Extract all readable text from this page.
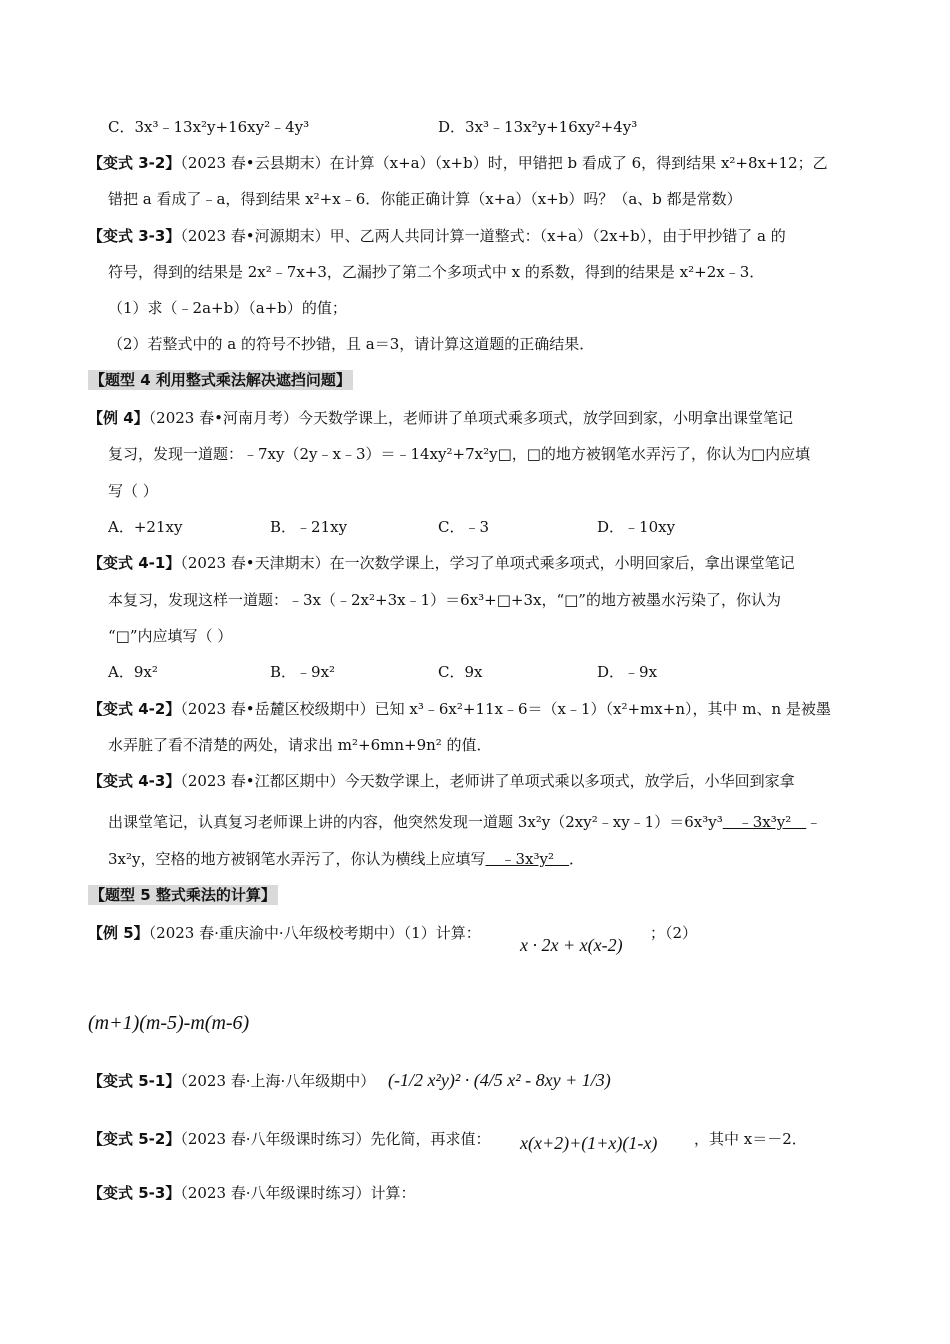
C．3x³﹣13x²y+16xy²﹣4y³	D．3x³﹣13x²y+16xy²+4y³
【变式 3-2】（2023 春•云县期末）在计算（x+a）（x+b）时，甲错把 b 看成了 6，得到结果 x²+8x+12；乙
错把 a 看成了﹣a，得到结果 x²+x﹣6．你能正确计算（x+a）（x+b）吗？（a、b 都是常数）
【变式 3-3】（2023 春•河源期末）甲、乙两人共同计算一道整式：（x+a）（2x+b），由于甲抄错了 a 的
符号，得到的结果是 2x²﹣7x+3，乙漏抄了第二个多项式中 x 的系数，得到的结果是 x²+2x﹣3．
（1）求（﹣2a+b）（a+b）的值；
（2）若整式中的 a 的符号不抄错，且 a＝3，请计算这道题的正确结果．
【题型 4 利用整式乘法解决遮挡问题】
【例 4】（2023 春•河南月考）今天数学课上，老师讲了单项式乘多项式，放学回到家，小明拿出课堂笔记
复习，发现一道题：﹣7xy（2y﹣x﹣3）＝﹣14xy²+7x²y□，□的地方被钢笔水弄污了，你认为□内应填
写（ ）
A．+21xy	B．﹣21xy	C．﹣3	D．﹣10xy
【变式 4-1】（2023 春•天津期末）在一次数学课上，学习了单项式乘多项式，小明回家后，拿出课堂笔记
本复习，发现这样一道题：﹣3x（﹣2x²+3x﹣1）＝6x³+□+3x，“□”的地方被墨水污染了，你认为
“□”内应填写（ ）
A．9x²	B．﹣9x²	C．9x	D．﹣9x
【变式 4-2】（2023 春•岳麓区校级期中）已知 x³﹣6x²+11x﹣6＝（x﹣1）（x²+mx+n），其中 m、n 是被墨
水弄脏了看不清楚的两处，请求出 m²+6mn+9n² 的值．
【变式 4-3】（2023 春•江都区期中）今天数学课上，老师讲了单项式乘以多项式，放学后，小华回到家拿
出课堂笔记，认真复习老师课上讲的内容，他突然发现一道题 3x²y（2xy²﹣xy﹣1）＝6x³y³　﹣3x³y²　﹣
3x²y，空格的地方被钢笔水弄污了，你认为横线上应填写　﹣3x³y²　．
【题型 5 整式乘法的计算】
【例 5】（2023 春·重庆渝中·八年级校考期中）（1）计算：
x · 2x + x(x-2)
；（2）
(m+1)(m-5)-m(m-6)
【变式 5-1】（2023 春·上海·八年级期中） (-1/2 x²y)² · (4/5 x² - 8xy + 1/3)
【变式 5-2】（2023 春·八年级课时练习）先化简，再求值： x(x+2)+(1+x)(1-x) ，其中 x＝－2．
【变式 5-3】（2023 春·八年级课时练习）计算：
